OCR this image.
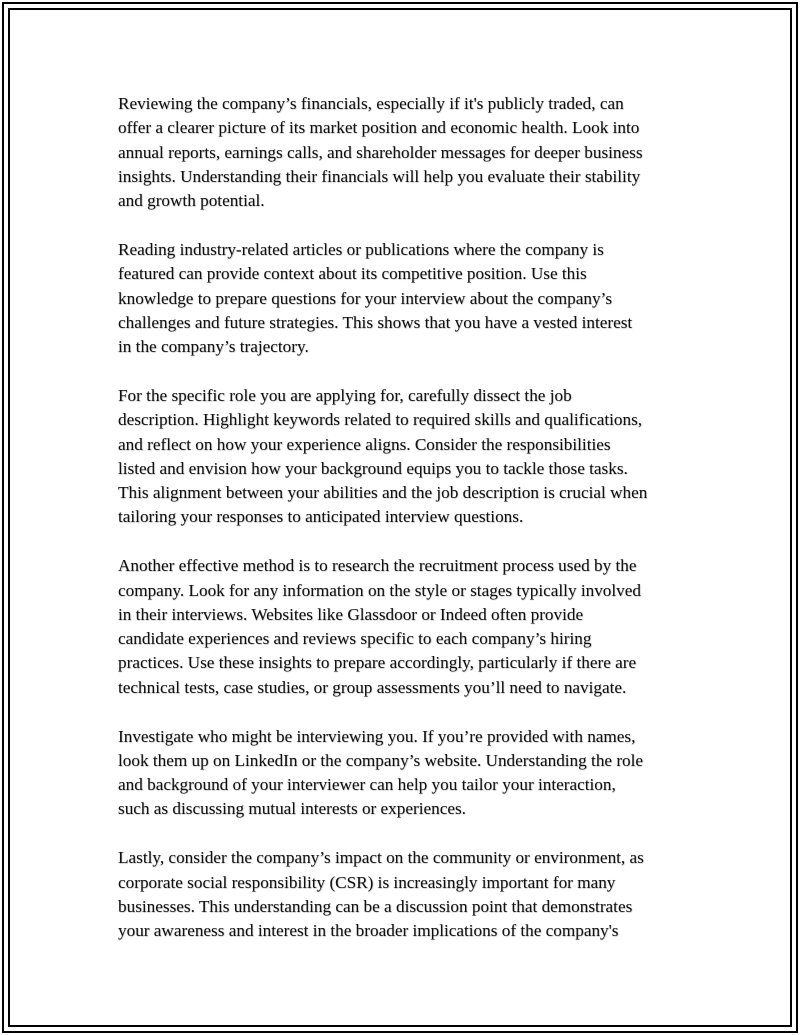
Reviewing the company’s financials, especially if it's publicly traded, can
offer a clearer picture of its market position and economic health. Look into
annual reports, earnings calls, and shareholder messages for deeper business
insights. Understanding their financials will help you evaluate their stability
and growth potential.

Reading industry-related articles or publications where the company is
featured can provide context about its competitive position. Use this
knowledge to prepare questions for your interview about the company’s
challenges and future strategies. This shows that you have a vested interest
in the company’s trajectory.

For the specific role you are applying for, carefully dissect the job
description. Highlight keywords related to required skills and qualifications,
and reflect on how your experience aligns. Consider the responsibilities
listed and envision how your background equips you to tackle those tasks.
This alignment between your abilities and the job description is crucial when
tailoring your responses to anticipated interview questions.

Another effective method is to research the recruitment process used by the
company. Look for any information on the style or stages typically involved
in their interviews. Websites like Glassdoor or Indeed often provide
candidate experiences and reviews specific to each company’s hiring
practices. Use these insights to prepare accordingly, particularly if there are
technical tests, case studies, or group assessments you’ll need to navigate.

Investigate who might be interviewing you. If you’re provided with names,
look them up on LinkedIn or the company’s website. Understanding the role
and background of your interviewer can help you tailor your interaction,
such as discussing mutual interests or experiences.

Lastly, consider the company’s impact on the community or environment, as
corporate social responsibility (CSR) is increasingly important for many
businesses. This understanding can be a discussion point that demonstrates
your awareness and interest in the broader implications of the company's
